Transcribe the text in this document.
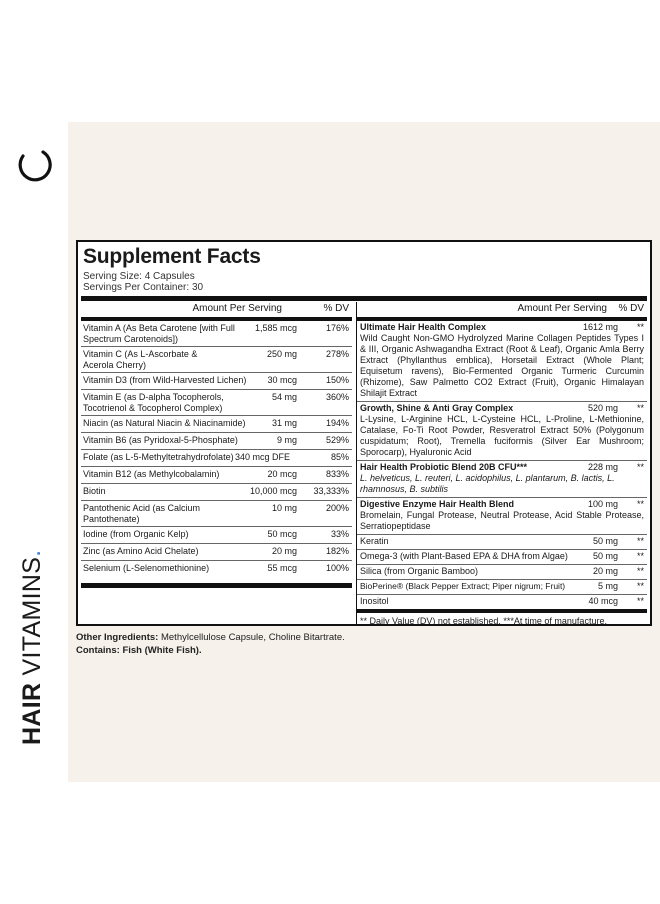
HAIR VITAMINS.
Supplement Facts
Serving Size: 4 Capsules
Servings Per Container: 30
Amount Per Serving	% DV
Vitamin A (As Beta Carotene [with Full Spectrum Carotenoids])
1,585 mcg	176%
Vitamin C (As L-Ascorbate & Acerola Cherry)
250 mg	278%
Vitamin D3 (from Wild-Harvested Lichen) 30 mcg	150%
Vitamin E (as D-alpha Tocopherols, Tocotrienol & Tocopherol Complex)
54 mg	360%
Niacin (as Natural Niacin & Niacinamide)	31 mg	194%
Vitamin B6 (as Pyridoxal-5-Phosphate)	9 mg	529%
Folate (as L-5-Methyltetrahydrofolate) 340 mcg DFE	85%
Vitamin B12 (as Methylcobalamin)	20 mcg	833%
Biotin	10,000 mcg 33,333%
Pantothenic Acid (as Calcium Pantothenate)
10 mg	200%
Iodine (from Organic Kelp)	50 mcg	33%
Zinc (as Amino Acid Chelate)	20 mg	182%
Selenium (L-Selenomethionine)	55 mcg	100%
Amount Per Serving % DV
Ultimate Hair Health Complex	1612 mg **
Wild Caught Non-GMO Hydrolyzed Marine Collagen Peptides Types I & III, Organic Ashwagandha Extract (Root & Leaf), Organic Amla Berry Extract (Phyllanthus emblica), Horsetail Extract (Whole Plant; Equisetum ravens), Bio-Fermented Organic Turmeric Curcumin (Rhizome), Saw Palmetto CO2 Extract (Fruit), Organic Himalayan Shilajit Extract
Growth, Shine & Anti Gray Complex	520 mg **
L-Lysine, L-Arginine HCL, L-Cysteine HCL, L-Proline, L-Methionine, Catalase, Fo-Ti Root Powder, Resveratrol Extract 50% (Polygonum cuspidatum; Root), Tremella fuciformis (Silver Ear Mushroom; Sporocarp), Hyaluronic Acid
Hair Health Probiotic Blend 20B CFU***	228 mg **
L. helveticus, L. reuteri, L. acidophilus, L. plantarum, B. lactis, L. rhamnosus, B. subtilis
Digestive Enzyme Hair Health Blend	100 mg **
Bromelain, Fungal Protease, Neutral Protease, Acid Stable Protease, Serratiopeptidase
Keratin	50 mg **
Omega-3 (with Plant-Based EPA & DHA from Algae)	50 mg **
Silica (from Organic Bamboo)	20 mg **
BioPerine® (Black Pepper Extract; Piper nigrum; Fruit)	5 mg **
Inositol	40 mcg **
** Daily Value (DV) not established. ***At time of manufacture.
Other Ingredients: Methylcellulose Capsule, Choline Bitartrate.
Contains: Fish (White Fish).
